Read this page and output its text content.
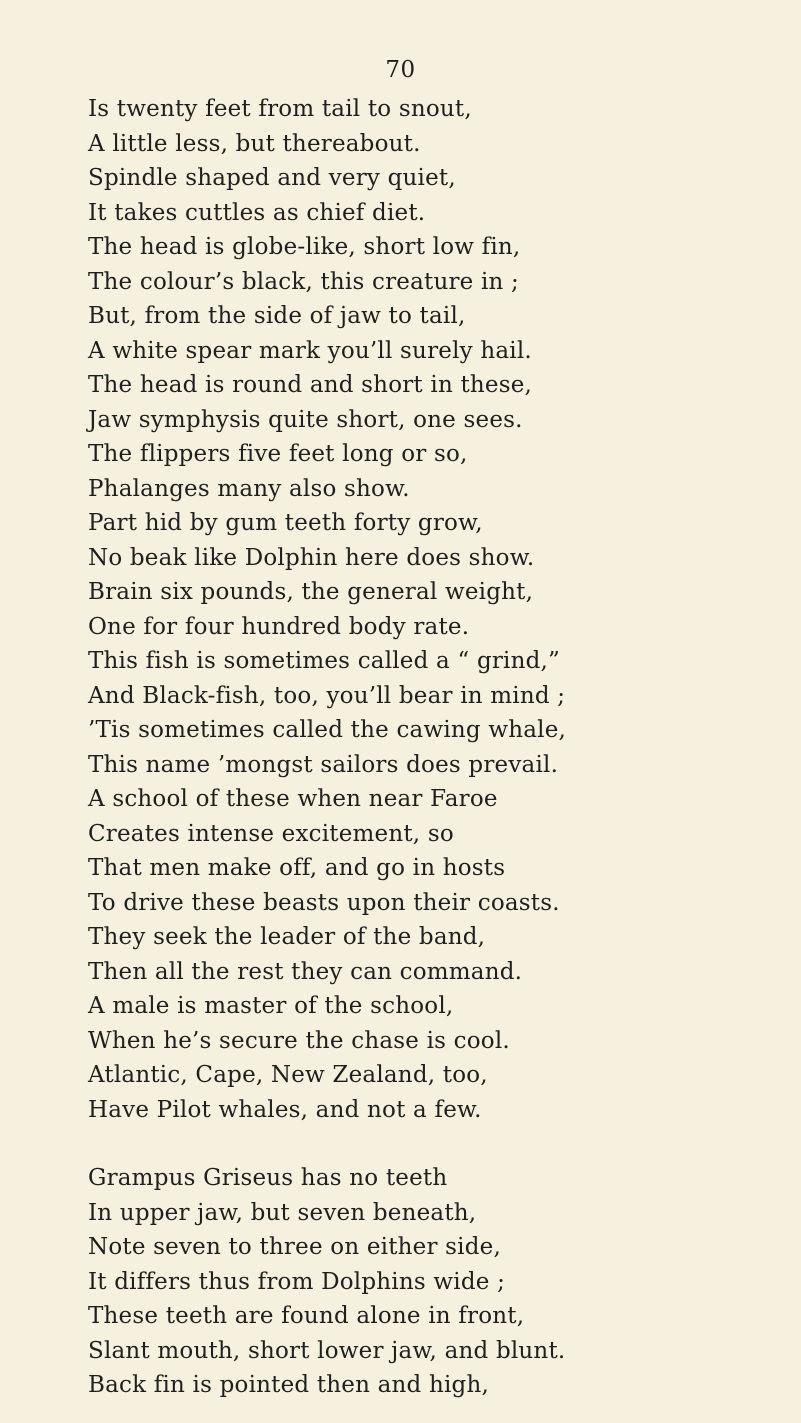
70
Is twenty feet from tail to snout,
A little less, but thereabout.
Spindle shaped and very quiet,
It takes cuttles as chief diet.
The head is globe-like, short low fin,
The colour’s black, this creature in ;
But, from the side of jaw to tail,
A white spear mark you’ll surely hail.
The head is round and short in these,
Jaw symphysis quite short, one sees.
The flippers five feet long or so,
Phalanges many also show.
Part hid by gum teeth forty grow,
No beak like Dolphin here does show.
Brain six pounds, the general weight,
One for four hundred body rate.
This fish is sometimes called a “ grind,”
And Black-fish, too, you’ll bear in mind ;
’Tis sometimes called the cawing whale,
This name ’mongst sailors does prevail.
A school of these when near Faroe
Creates intense excitement, so
That men make off, and go in hosts
To drive these beasts upon their coasts.
They seek the leader of the band,
Then all the rest they can command.
A male is master of the school,
When he’s secure the chase is cool.
Atlantic, Cape, New Zealand, too,
Have Pilot whales, and not a few.
Grampus Griseus has no teeth
In upper jaw, but seven beneath,
Note seven to three on either side,
It differs thus from Dolphins wide ;
These teeth are found alone in front,
Slant mouth, short lower jaw, and blunt.
Back fin is pointed then and high,
